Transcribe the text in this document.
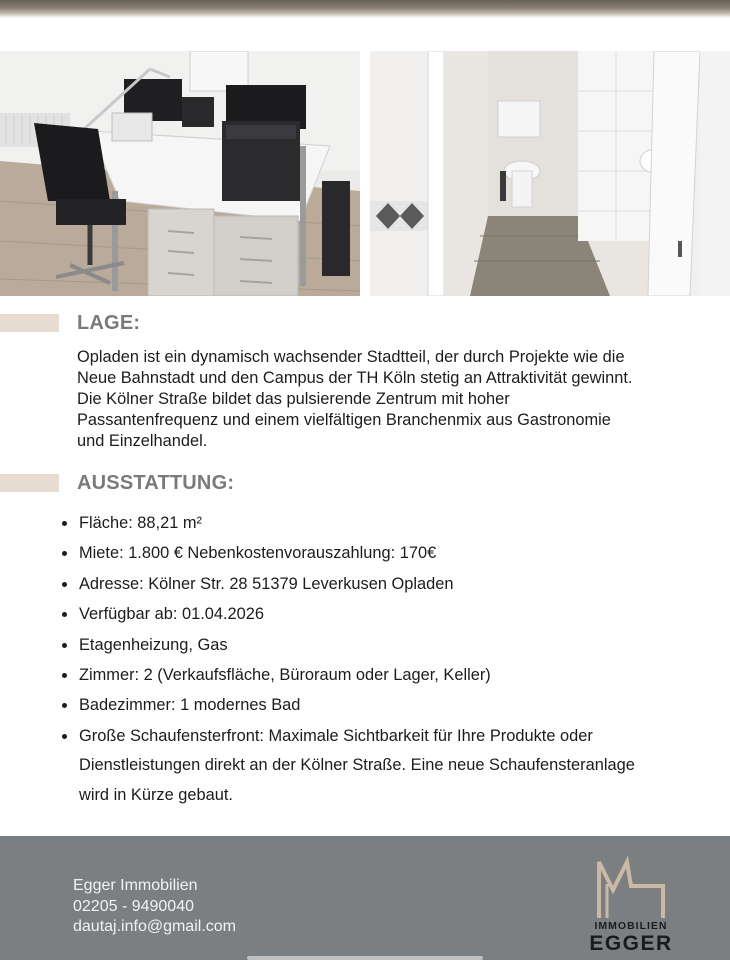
LAGE:

Opladen ist ein dynamisch wachsender Stadtteil, der durch Projekte wie die Neue Bahnstadt und den Campus der TH Köln stetig an Attraktivität gewinnt. Die Kölner Straße bildet das pulsierende Zentrum mit hoher Passantenfrequenz und einem vielfältigen Branchenmix aus Gastronomie und Einzelhandel.

AUSSTATTUNG:
• Fläche: 88,21 m²
• Miete: 1.800 € Nebenkostenvorauszahlung: 170€
• Adresse: Kölner Str. 28 51379 Leverkusen Opladen
• Verfügbar ab: 01.04.2026
• Etagenheizung, Gas
• Zimmer: 2 (Verkaufsfläche, Büroraum oder Lager, Keller)
• Badezimmer: 1 modernes Bad
• Große Schaufensterfront: Maximale Sichtbarkeit für Ihre Produkte oder Dienstleistungen direkt an der Kölner Straße. Eine neue Schaufensteranlage wird in Kürze gebaut.
Egger Immobilien
02205 - 9490040
dautaj.info@gmail.com	IMMOBILIEN
EGGER
